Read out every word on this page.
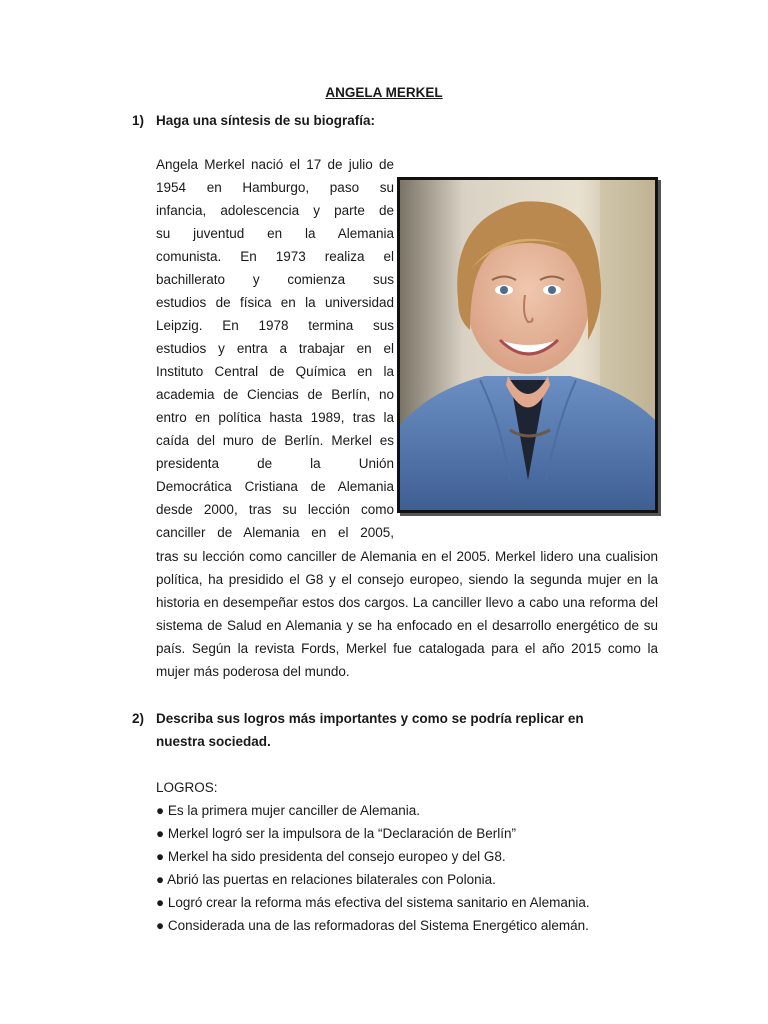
ANGELA MERKEL
1) Haga una síntesis de su biografía:
Angela Merkel nació el 17 de julio de
1954 en Hamburgo, paso su
infancia, adolescencia y parte de
su juventud en la Alemania
comunista. En 1973 realiza el
bachillerato y comienza sus
estudios de física en la universidad
Leipzig. En 1978 termina sus
estudios y entra a trabajar en el
Instituto Central de Química en la
academia de Ciencias de Berlín, no
entro en política hasta 1989, tras la
caída del muro de Berlín. Merkel es
presidenta de la Unión
Democrática Cristiana de Alemania
desde 2000, tras su lección como
canciller de Alemania en el 2005,
tras su lección como canciller de Alemania en el 2005. Merkel lidero una cualision política, ha presidido el G8 y el consejo europeo, siendo la segunda mujer en la historia en desempeñar estos dos cargos. La canciller llevo a cabo una reforma del sistema de Salud en Alemania y se ha enfocado en el desarrollo energético de su país. Según la revista Fords, Merkel fue catalogada para el año 2015 como la mujer más poderosa del mundo.
2) Describa sus logros más importantes y como se podría replicar en nuestra sociedad.
LOGROS:
● Es la primera mujer canciller de Alemania.
● Merkel logró ser la impulsora de la “Declaración de Berlín”
● Merkel ha sido presidenta del consejo europeo y del G8.
● Abrió las puertas en relaciones bilaterales con Polonia.
● Logró crear la reforma más efectiva del sistema sanitario en Alemania.
● Considerada una de las reformadoras del Sistema Energético alemán.
